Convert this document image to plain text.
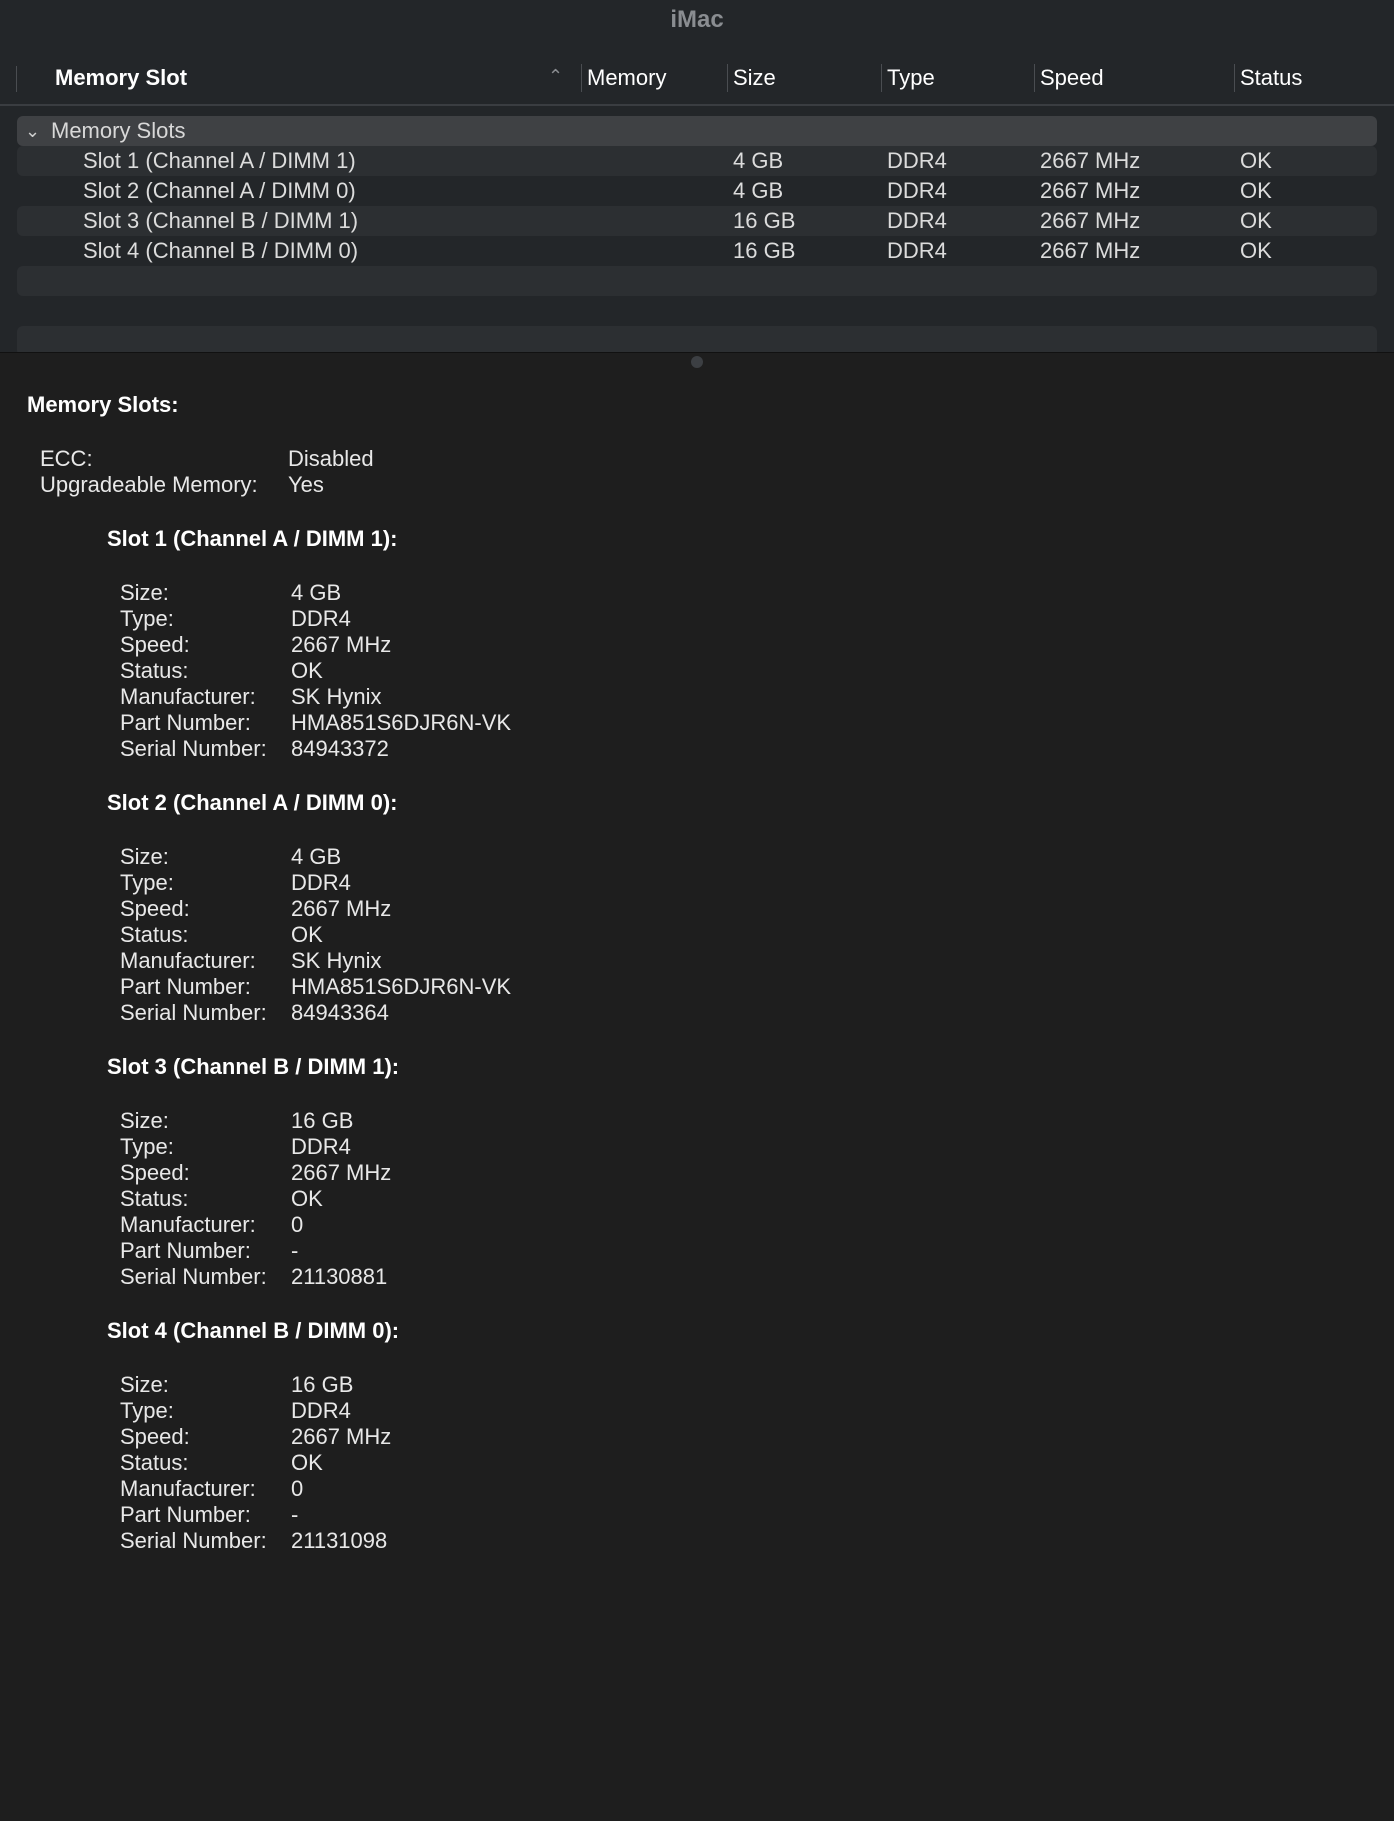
iMac
Memory Slot	⌃ Memory	Size	Type	Speed	Status
⌄ Memory Slots
Slot 1 (Channel A / DIMM 1)	4 GB	DDR4	2667 MHz	OK
Slot 2 (Channel A / DIMM 0)	4 GB	DDR4	2667 MHz	OK
Slot 3 (Channel B / DIMM 1)	16 GB	DDR4	2667 MHz	OK
Slot 4 (Channel B / DIMM 0)	16 GB	DDR4	2667 MHz	OK
Memory Slots:
ECC:	Disabled
Upgradeable Memory: Yes
Slot 1 (Channel A / DIMM 1):
Size:	4 GB
Type:	DDR4
Speed:	2667 MHz
Status:	OK
Manufacturer: SK Hynix
Part Number: HMA851S6DJR6N-VK
Serial Number: 84943372
Slot 2 (Channel A / DIMM 0):
Size:	4 GB
Type:	DDR4
Speed:	2667 MHz
Status:	OK
Manufacturer: SK Hynix
Part Number: HMA851S6DJR6N-VK
Serial Number: 84943364
Slot 3 (Channel B / DIMM 1):
Size:	16 GB
Type:	DDR4
Speed:	2667 MHz
Status:	OK
Manufacturer: 0
Part Number: -
Serial Number: 21130881
Slot 4 (Channel B / DIMM 0):
Size:	16 GB
Type:	DDR4
Speed:	2667 MHz
Status:	OK
Manufacturer: 0
Part Number: -
Serial Number: 21131098
